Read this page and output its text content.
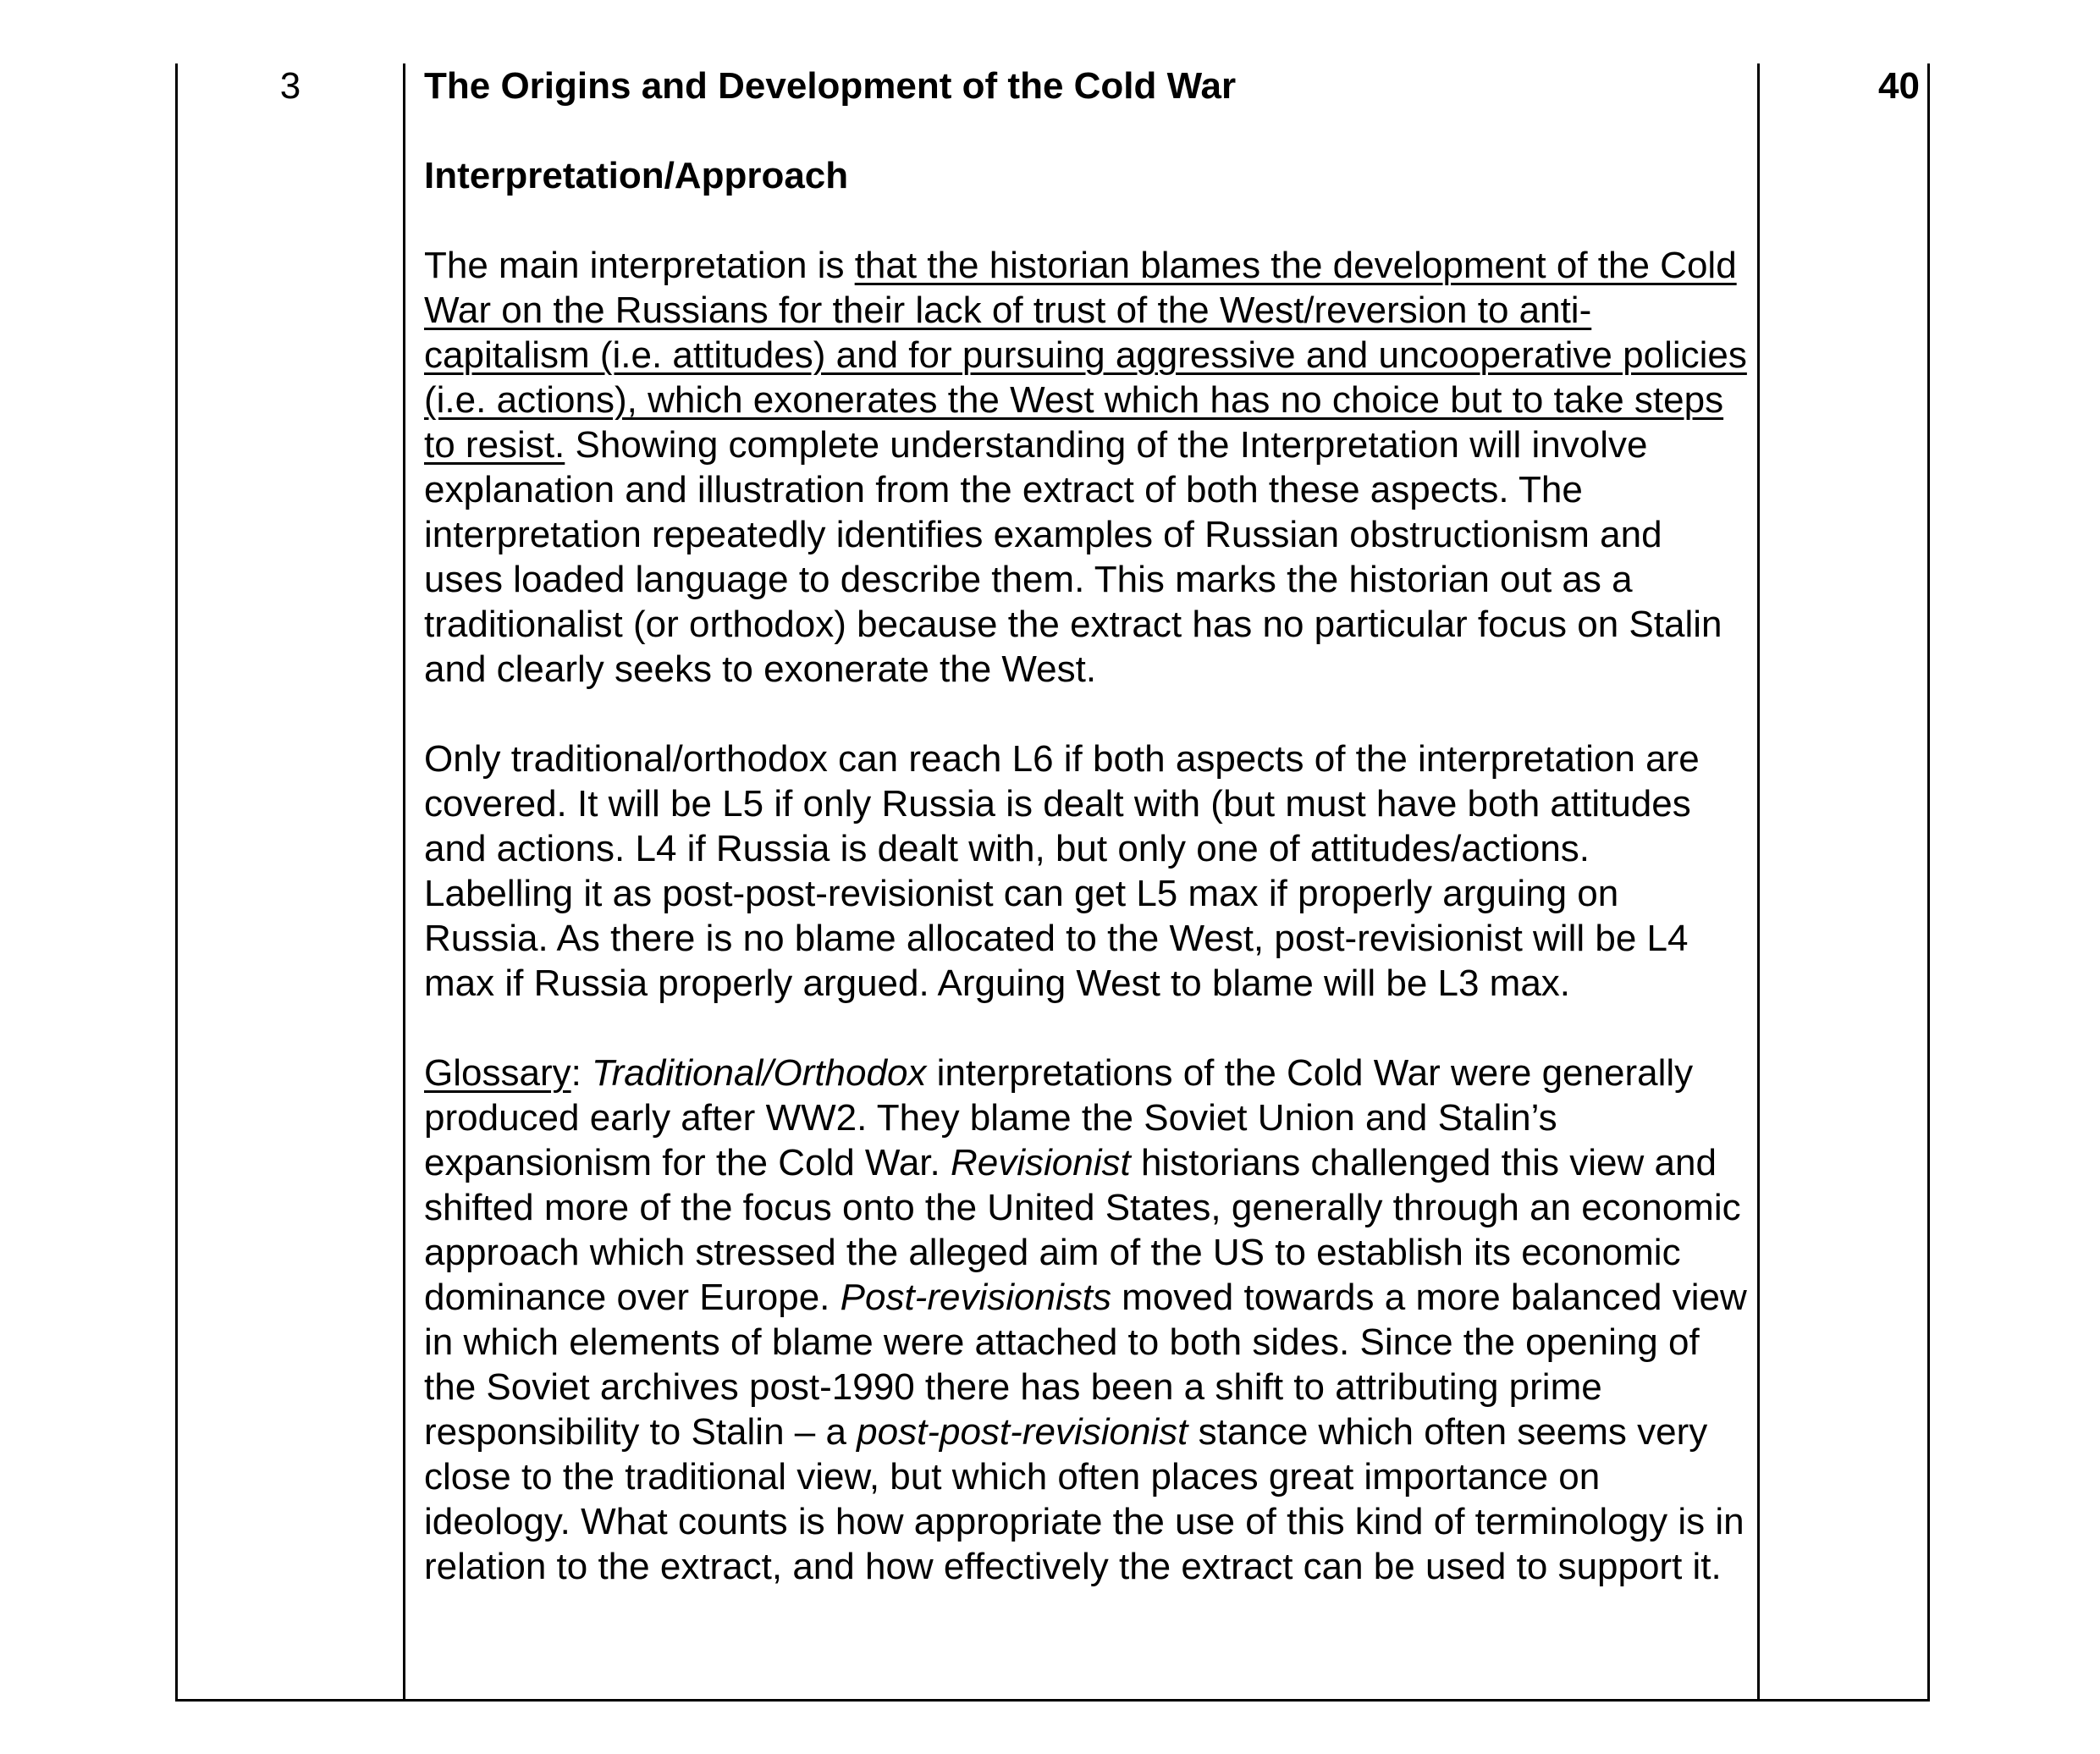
3	The Origins and Development of the Cold War

Interpretation/Approach

The main interpretation is that the historian blames the development of the Cold War on the Russians for their lack of trust of the West/reversion to anti-capitalism (i.e. attitudes) and for pursuing aggressive and uncooperative policies (i.e. actions), which exonerates the West which has no choice but to take steps to resist. Showing complete understanding of the Interpretation will involve explanation and illustration from the extract of both these aspects. The interpretation repeatedly identifies examples of Russian obstructionism and uses loaded language to describe them. This marks the historian out as a traditionalist (or orthodox) because the extract has no particular focus on Stalin and clearly seeks to exonerate the West.

Only traditional/orthodox can reach L6 if both aspects of the interpretation are covered. It will be L5 if only Russia is dealt with (but must have both attitudes and actions. L4 if Russia is dealt with, but only one of attitudes/actions. Labelling it as post-post-revisionist can get L5 max if properly arguing on Russia. As there is no blame allocated to the West, post-revisionist will be L4 max if Russia properly argued. Arguing West to blame will be L3 max.

Glossary: Traditional/Orthodox interpretations of the Cold War were generally produced early after WW2. They blame the Soviet Union and Stalin’s expansionism for the Cold War. Revisionist historians challenged this view and shifted more of the focus onto the United States, generally through an economic approach which stressed the alleged aim of the US to establish its economic dominance over Europe. Post-revisionists moved towards a more balanced view in which elements of blame were attached to both sides. Since the opening of the Soviet archives post-1990 there has been a shift to attributing prime responsibility to Stalin – a post-post-revisionist stance which often seems very close to the traditional view, but which often places great importance on ideology. What counts is how appropriate the use of this kind of terminology is in relation to the extract, and how effectively the extract can be used to support it.

40
